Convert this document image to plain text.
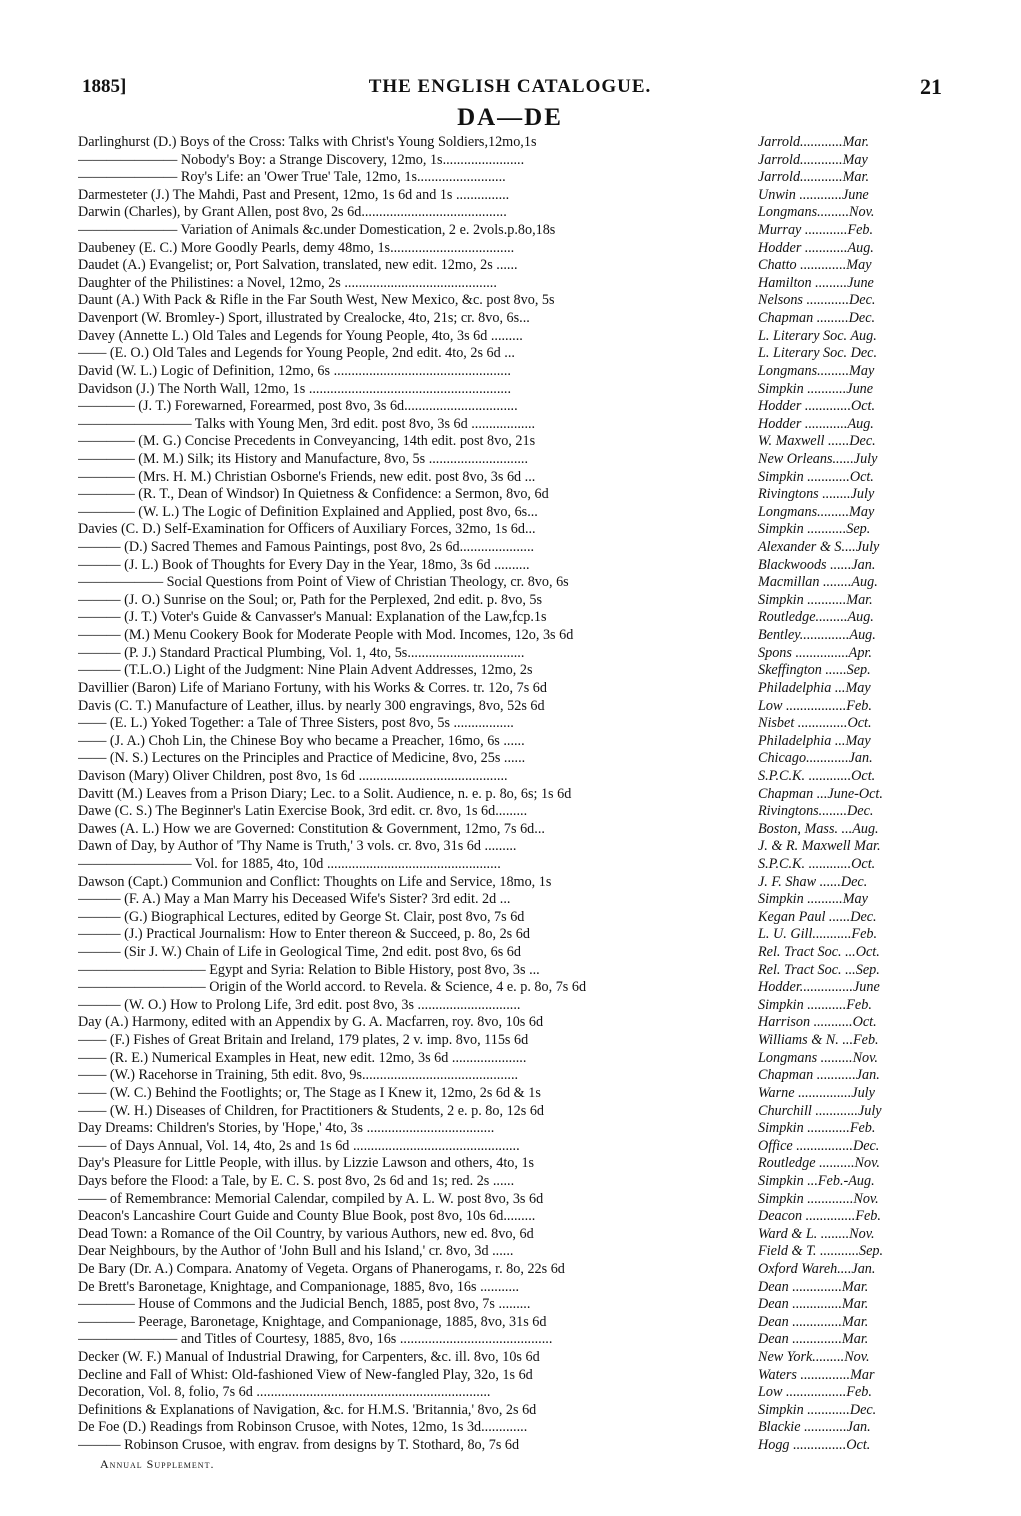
1885]	THE ENGLISH CATALOGUE.	21
DA—DE
Darlinghurst (D.) Boys of the Cross: Talks with Christ's Young Soldiers,12mo,1s	Jarrold............Mar.
——————— Nobody's Boy: a Strange Discovery, 12mo, 1s.......................	Jarrold............May
——————— Roy's Life: an 'Ower True' Tale, 12mo, 1s.........................	Jarrold............Mar.
Darmesteter (J.) The Mahdi, Past and Present, 12mo, 1s 6d and 1s ...............	Unwin ............June
Darwin (Charles), by Grant Allen, post 8vo, 2s 6d.........................................	Longmans.........Nov.
——————— Variation of Animals &c.under Domestication, 2 e. 2vols.p.8o,18s	Murray ............Feb.
Daubeney (E. C.) More Goodly Pearls, demy 48mo, 1s...................................	Hodder ............Aug.
Daudet (A.) Evangelist; or, Port Salvation, translated, new edit. 12mo, 2s ......	Chatto .............May
Daughter of the Philistines: a Novel, 12mo, 2s ...........................................	Hamilton .........June
Daunt (A.) With Pack & Rifle in the Far South West, New Mexico, &c. post 8vo, 5s	Nelsons ............Dec.
Davenport (W. Bromley-) Sport, illustrated by Crealocke, 4to, 21s; cr. 8vo, 6s...	Chapman .........Dec.
Davey (Annette L.) Old Tales and Legends for Young People, 4to, 3s 6d .........	L. Literary Soc. Aug.
—— (E. O.) Old Tales and Legends for Young People, 2nd edit. 4to, 2s 6d ...	L. Literary Soc. Dec.
David (W. L.) Logic of Definition, 12mo, 6s ..................................................	Longmans.........May
Davidson (J.) The North Wall, 12mo, 1s .........................................................	Simpkin ...........June
———— (J. T.) Forewarned, Forearmed, post 8vo, 3s 6d................................	Hodder .............Oct.
———————— Talks with Young Men, 3rd edit. post 8vo, 3s 6d ..................	Hodder ............Aug.
———— (M. G.) Concise Precedents in Conveyancing, 14th edit. post 8vo, 21s	W. Maxwell ......Dec.
———— (M. M.) Silk; its History and Manufacture, 8vo, 5s ............................	New Orleans......July
———— (Mrs. H. M.) Christian Osborne's Friends, new edit. post 8vo, 3s 6d ...	Simpkin ............Oct.
———— (R. T., Dean of Windsor) In Quietness & Confidence: a Sermon, 8vo, 6d	Rivingtons ........July
———— (W. L.) The Logic of Definition Explained and Applied, post 8vo, 6s...	Longmans.........May
Davies (C. D.) Self-Examination for Officers of Auxiliary Forces, 32mo, 1s 6d...	Simpkin ...........Sep.
——— (D.) Sacred Themes and Famous Paintings, post 8vo, 2s 6d.....................	Alexander & S....July
——— (J. L.) Book of Thoughts for Every Day in the Year, 18mo, 3s 6d ..........	Blackwoods ......Jan.
—————— Social Questions from Point of View of Christian Theology, cr. 8vo, 6s	Macmillan ........Aug.
——— (J. O.) Sunrise on the Soul; or, Path for the Perplexed, 2nd edit. p. 8vo, 5s	Simpkin ...........Mar.
——— (J. T.) Voter's Guide & Canvasser's Manual: Explanation of the Law,fcp.1s	Routledge.........Aug.
——— (M.) Menu Cookery Book for Moderate People with Mod. Incomes, 12o, 3s 6d	Bentley..............Aug.
——— (P. J.) Standard Practical Plumbing, Vol. 1, 4to, 5s.................................	Spons ...............Apr.
——— (T.L.O.) Light of the Judgment: Nine Plain Advent Addresses, 12mo, 2s	Skeffington ......Sep.
Davillier (Baron) Life of Mariano Fortuny, with his Works & Corres. tr. 12o, 7s 6d	Philadelphia ...May
Davis (C. T.) Manufacture of Leather, illus. by nearly 300 engravings, 8vo, 52s 6d	Low .................Feb.
—— (E. L.) Yoked Together: a Tale of Three Sisters, post 8vo, 5s .................	Nisbet ..............Oct.
—— (J. A.) Choh Lin, the Chinese Boy who became a Preacher, 16mo, 6s ......	Philadelphia ...May
—— (N. S.) Lectures on the Principles and Practice of Medicine, 8vo, 25s ......	Chicago............Jan.
Davison (Mary) Oliver Children, post 8vo, 1s 6d ..........................................	S.P.C.K. ............Oct.
Davitt (M.) Leaves from a Prison Diary; Lec. to a Solit. Audience, n. e. p. 8o, 6s; 1s 6d	Chapman ...June-Oct.
Dawe (C. S.) The Beginner's Latin Exercise Book, 3rd edit. cr. 8vo, 1s 6d.........	Rivingtons........Dec.
Dawes (A. L.) How we are Governed: Constitution & Government, 12mo, 7s 6d...	Boston, Mass. ...Aug.
Dawn of Day, by Author of 'Thy Name is Truth,' 3 vols. cr. 8vo, 31s 6d .........	J. & R. Maxwell Mar.
———————— Vol. for 1885, 4to, 10d .................................................	S.P.C.K. ............Oct.
Dawson (Capt.) Communion and Conflict: Thoughts on Life and Service, 18mo, 1s	J. F. Shaw ......Dec.
——— (F. A.) May a Man Marry his Deceased Wife's Sister? 3rd edit. 2d ...	Simpkin ..........May
——— (G.) Biographical Lectures, edited by George St. Clair, post 8vo, 7s 6d	Kegan Paul ......Dec.
——— (J.) Practical Journalism: How to Enter thereon & Succeed, p. 8o, 2s 6d	L. U. Gill...........Feb.
——— (Sir J. W.) Chain of Life in Geological Time, 2nd edit. post 8vo, 6s 6d	Rel. Tract Soc. ...Oct.
————————— Egypt and Syria: Relation to Bible History, post 8vo, 3s ...	Rel. Tract Soc. ...Sep.
————————— Origin of the World accord. to Revela. & Science, 4 e. p. 8o, 7s 6d	Hodder...............June
——— (W. O.) How to Prolong Life, 3rd edit. post 8vo, 3s .............................	Simpkin ...........Feb.
Day (A.) Harmony, edited with an Appendix by G. A. Macfarren, roy. 8vo, 10s 6d	Harrison ...........Oct.
—— (F.) Fishes of Great Britain and Ireland, 179 plates, 2 v. imp. 8vo, 115s 6d	Williams & N. ...Feb.
—— (R. E.) Numerical Examples in Heat, new edit. 12mo, 3s 6d .....................	Longmans .........Nov.
—— (W.) Racehorse in Training, 5th edit. 8vo, 9s............................................	Chapman ...........Jan.
—— (W. C.) Behind the Footlights; or, The Stage as I Knew it, 12mo, 2s 6d & 1s	Warne ...............July
—— (W. H.) Diseases of Children, for Practitioners & Students, 2 e. p. 8o, 12s 6d	Churchill ............July
Day Dreams: Children's Stories, by 'Hope,' 4to, 3s ....................................	Simpkin ............Feb.
—— of Days Annual, Vol. 14, 4to, 2s and 1s 6d ...............................................	Office ................Dec.
Day's Pleasure for Little People, with illus. by Lizzie Lawson and others, 4to, 1s	Routledge ..........Nov.
Days before the Flood: a Tale, by E. C. S. post 8vo, 2s 6d and 1s; red. 2s ......	Simpkin ...Feb.-Aug.
—— of Remembrance: Memorial Calendar, compiled by A. L. W. post 8vo, 3s 6d	Simpkin .............Nov.
Deacon's Lancashire Court Guide and County Blue Book, post 8vo, 10s 6d.........	Deacon ..............Feb.
Dead Town: a Romance of the Oil Country, by various Authors, new ed. 8vo, 6d	Ward & L. ........Nov.
Dear Neighbours, by the Author of 'John Bull and his Island,' cr. 8vo, 3d ......	Field & T. ...........Sep.
De Bary (Dr. A.) Compara. Anatomy of Vegeta. Organs of Phanerogams, r. 8o, 22s 6d	Oxford Wareh....Jan.
De Brett's Baronetage, Knightage, and Companionage, 1885, 8vo, 16s ...........	Dean ..............Mar.
———— House of Commons and the Judicial Bench, 1885, post 8vo, 7s .........	Dean ..............Mar.
———— Peerage, Baronetage, Knightage, and Companionage, 1885, 8vo, 31s 6d	Dean ..............Mar.
——————— and Titles of Courtesy, 1885, 8vo, 16s ...........................................	Dean ..............Mar.
Decker (W. F.) Manual of Industrial Drawing, for Carpenters, &c. ill. 8vo, 10s 6d	New York.........Nov.
Decline and Fall of Whist: Old-fashioned View of New-fangled Play, 32o, 1s 6d	Waters ..............Mar
Decoration, Vol. 8, folio, 7s 6d ..................................................................	Low .................Feb.
Definitions & Explanations of Navigation, &c. for H.M.S. 'Britannia,' 8vo, 2s 6d	Simpkin ............Dec.
De Foe (D.) Readings from Robinson Crusoe, with Notes, 12mo, 1s 3d.............	Blackie ............Jan.
——— Robinson Crusoe, with engrav. from designs by T. Stothard, 8o, 7s 6d	Hogg ...............Oct.
Annual Supplement.
